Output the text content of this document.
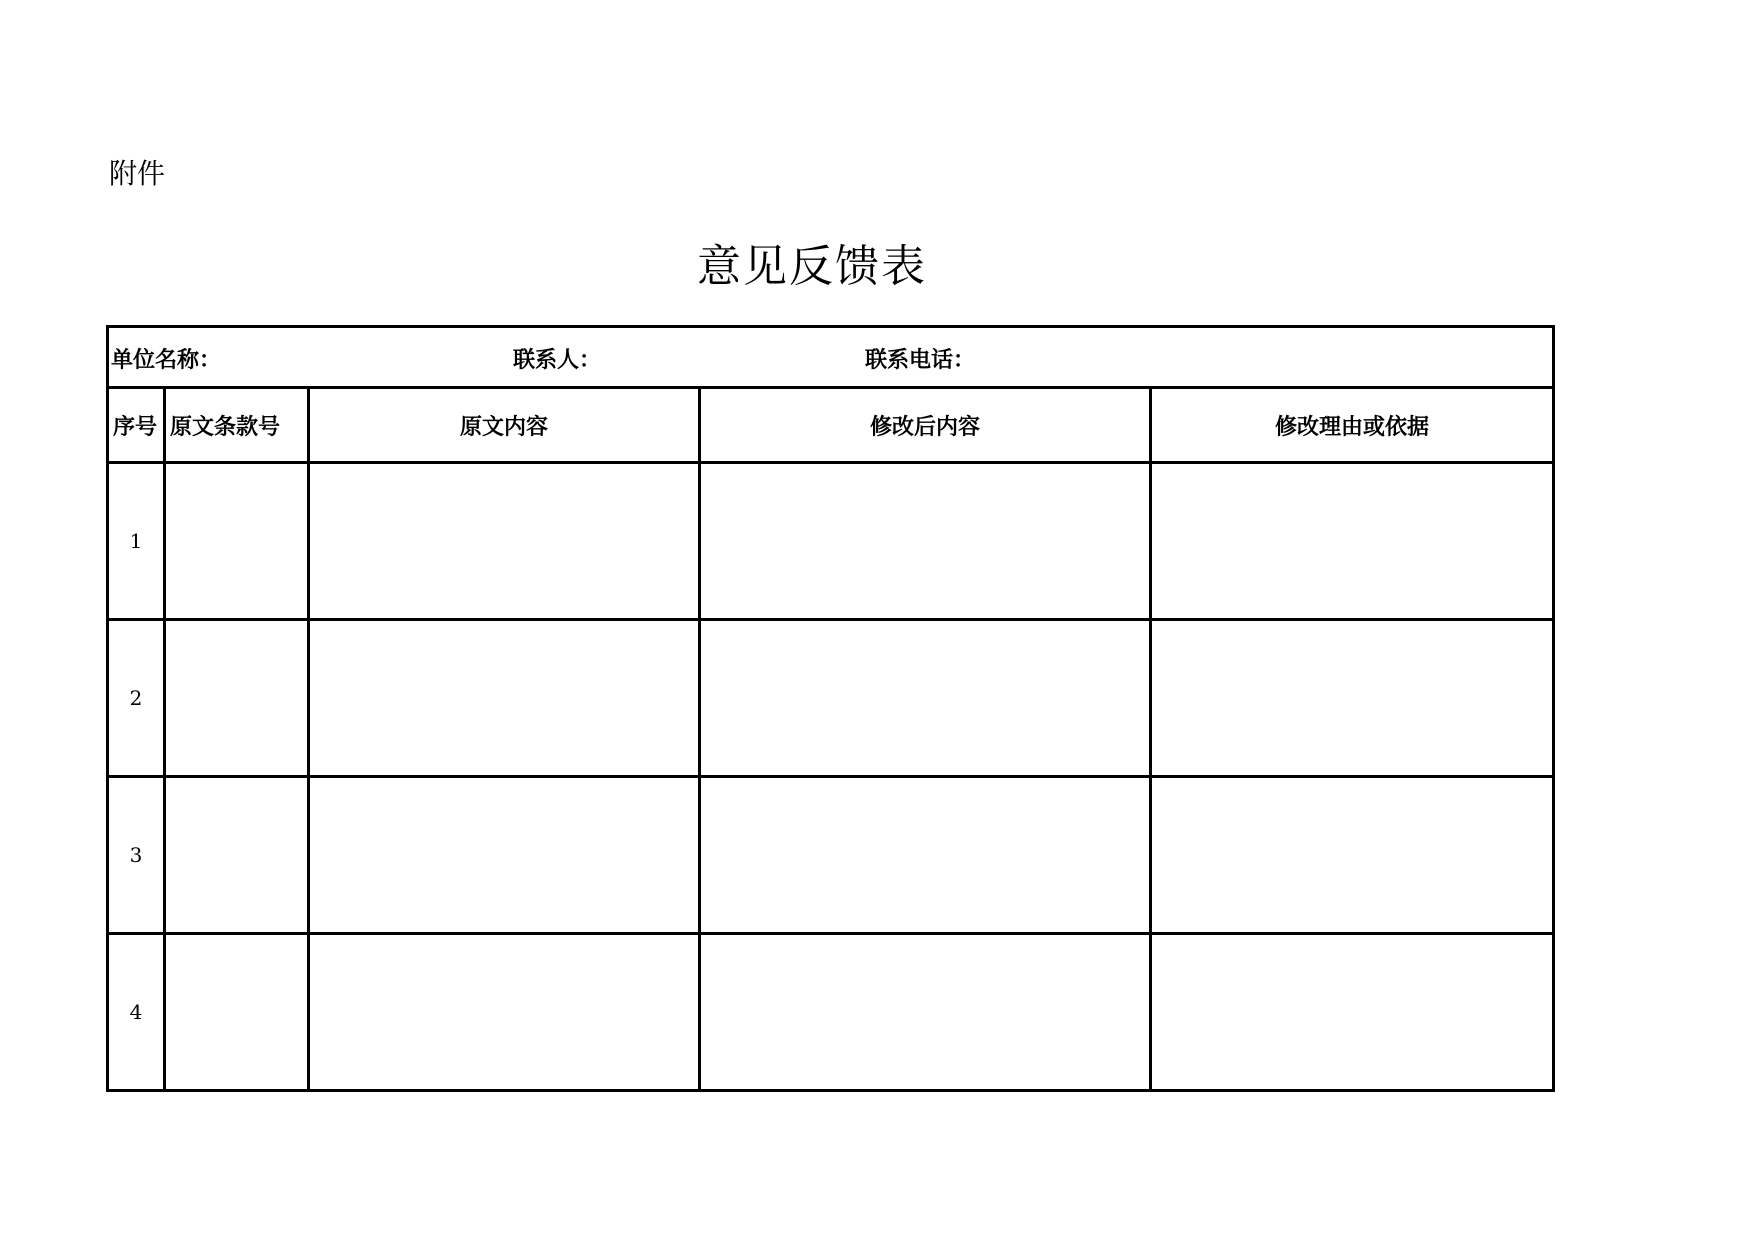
附件
意见反馈表
单位名称： 联系人： 联系电话：				

序号	原文条款号	原文内容	修改后内容	修改理由或依据
1				
2				
3				
4				
